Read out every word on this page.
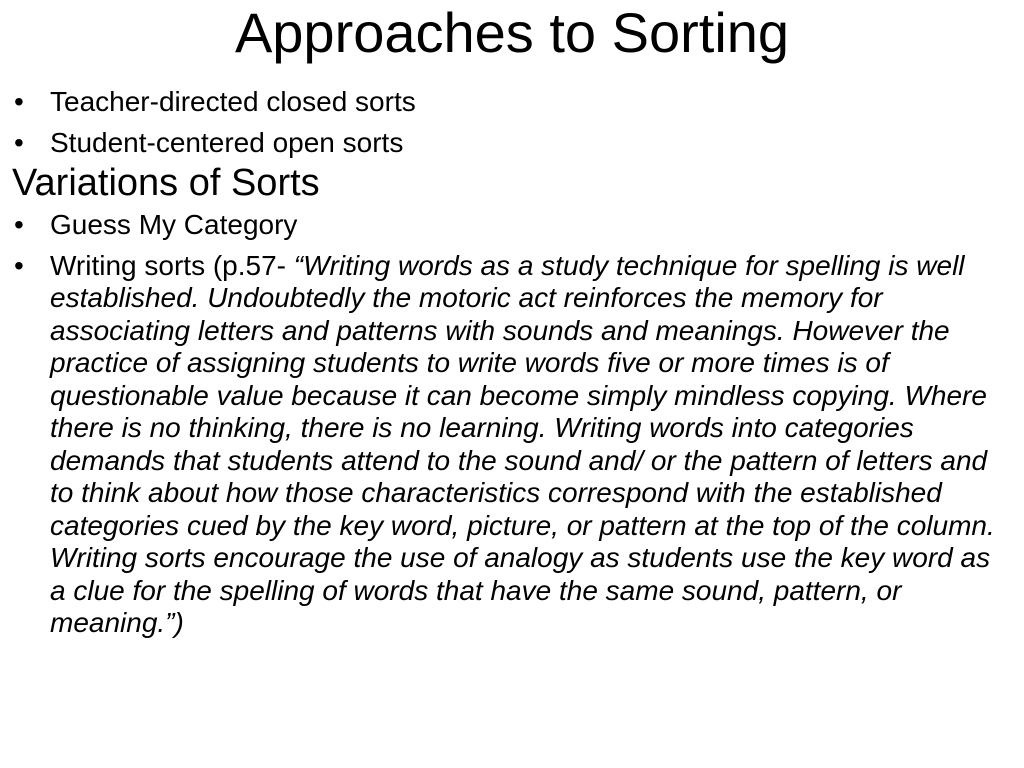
Approaches to Sorting
• Teacher-directed closed sorts
• Student-centered open sorts
Variations of Sorts
• Guess My Category
• Writing sorts (p.57- “Writing words as a study technique for spelling is well established. Undoubtedly the motoric act reinforces the memory for associating letters and patterns with sounds and meanings. However the practice of assigning students to write words five or more times is of questionable value because it can become simply mindless copying. Where there is no thinking, there is no learning. Writing words into categories demands that students attend to the sound and/ or the pattern of letters and to think about how those characteristics correspond with the established categories cued by the key word, picture, or pattern at the top of the column. Writing sorts encourage the use of analogy as students use the key word as a clue for the spelling of words that have the same sound, pattern, or meaning.”)
